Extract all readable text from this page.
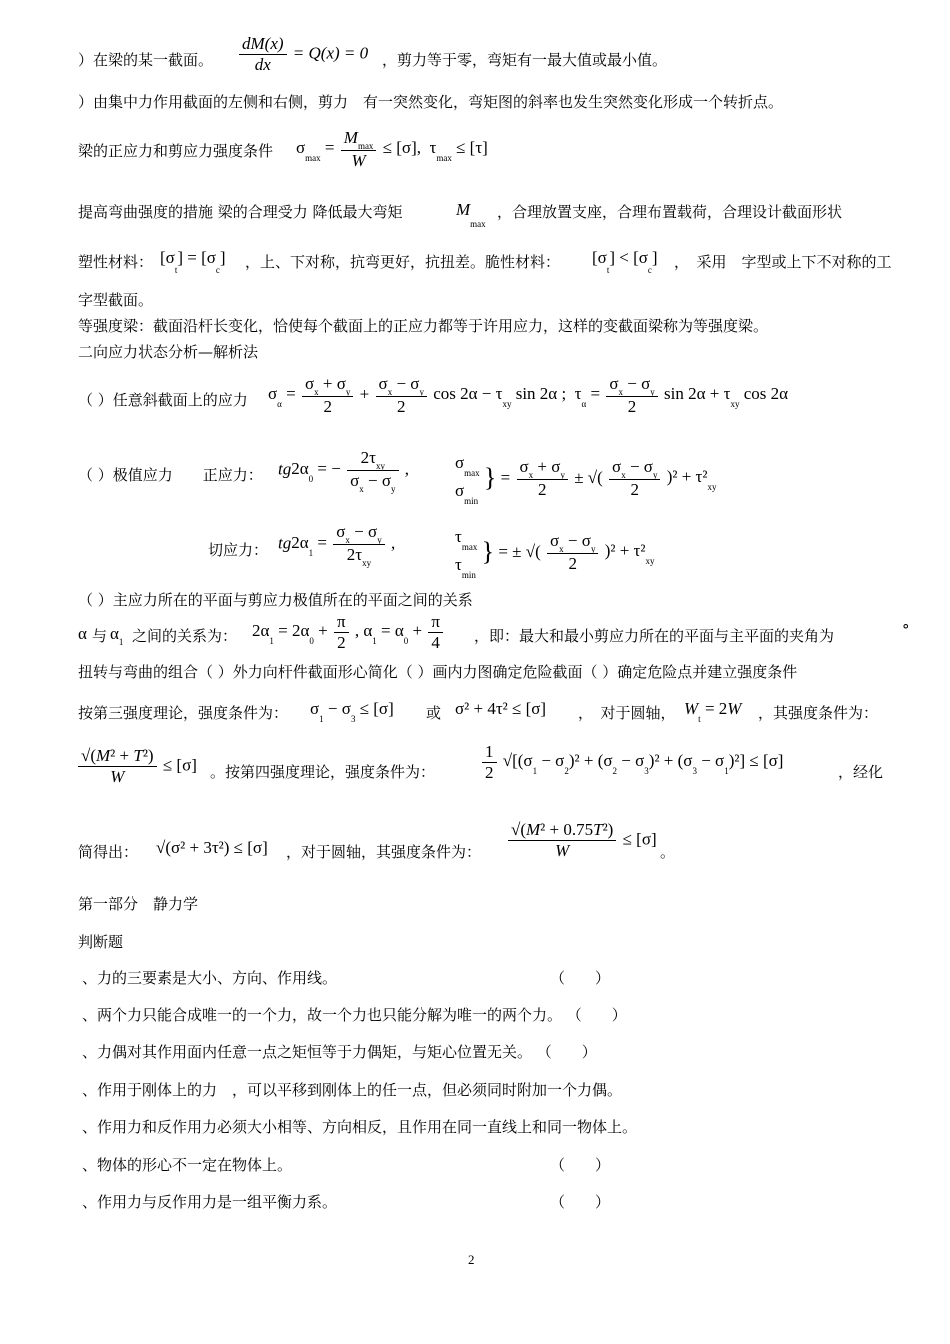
）在梁的某一截面。 $\frac{dM(x)}{dx} = Q(x) = 0$ ，剪力等于零，弯矩有一最大值或最小值。
）由集中力作用截面的左侧和右侧，剪力　有一突然变化，弯矩图的斜率也发生突然变化形成一个转折点。
梁的正应力和剪应力强度条件 $\sigma_{max} = \frac{M_{max}}{W} \le [\sigma]$,  $\tau_{max} \le [\tau]$
提高弯曲强度的措施 梁的合理受力 降低最大弯矩	$M_{max}$
，合理放置支座，合理布置载荷，合理设计截面形状
塑性材料： $[\sigma_t] = [\sigma_c]$ ，上、下对称，抗弯更好，抗扭差。脆性材料： $[\sigma_t] < [\sigma_c]$ ，　采用　字型或上下不对称的工
字型截面。
等强度梁：截面沿杆长变化，恰使每个截面上的正应力都等于许用应力，这样的变截面梁称为等强度梁。
二向应力状态分析—解析法
（ ）任意斜截面上的应力 $\sigma_\alpha = \frac{\sigma_x + \sigma_y}{2} + \frac{\sigma_x - \sigma_y}{2}$ $\cos 2\alpha - \tau_{xy}$ sin 2α ;  $\tau_\alpha = \frac{\sigma_x - \sigma_y}{2}$ $\sin 2\alpha + \tau_{xy}$ cos 2α
（ ）极值应力　　正应力： $tg2\alpha_0$ = − $\frac{2\tau_{xy}}{\sigma_x - \sigma_y}$ ,	$\sigma_{max}$
$\sigma_{min}$ } = $\frac{\sigma_x + \sigma_y}{2}$ ± √( $\frac{\sigma_x - \sigma_y}{2} )^2 + \tau^2_{xy}$
切应力： $tg2\alpha_1 = \frac{\sigma_x - \sigma_y}{2\tau_{xy}}$ ,	$\tau_{max}$
$\tau_{min}$ } = ± √( $\frac{\sigma_x - \sigma_y}{2} )^2 + \tau^2_{xy}$
（ ）主应力所在的平面与剪应力极值所在的平面之间的关系
α 与 $\alpha_1$ 之间的关系为： $2\alpha_1 = 2\alpha_0 + \frac{\pi}{2}$ , $\alpha_1 = \alpha_0 + \frac{\pi}{4}$ ，即：最大和最小剪应力所在的平面与主平面的夹角为	°
扭转与弯曲的组合（ ）外力向杆件截面形心简化（ ）画内力图确定危险截面（ ）确定危险点并建立强度条件
按第三强度理论，强度条件为： $\sigma_1 - \sigma_3 \le [\sigma]$ 或 σ² + 4τ² ≤ [σ] ，　对于圆轴， $W_t = 2W$ ，其强度条件为：
$\frac{\text{√(M² + T²)}}{W} \le [\sigma]$ 。按第四强度理论，强度条件为：	$\frac{1}{2} √[(\sigma_1 - \sigma_2)^2 + (\sigma_2 - \sigma_3)^2 + (\sigma_3 - \sigma_1)^2] \le [\sigma]$
，经化
简得出： √(σ² + 3τ²) ≤ [σ] ，对于圆轴，其强度条件为： $\frac{\text{√(M² + 0.75T²)}}{W} \le [\sigma]$
。
第一部分　静力学
判断题
、力的三要素是大小、方向、作用线。	（　　）
、两个力只能合成唯一的一个力，故一个力也只能分解为唯一的两个力。 （　　）
、力偶对其作用面内任意一点之矩恒等于力偶矩，与矩心位置无关。 （　　）
、作用于刚体上的力　，可以平移到刚体上的任一点，但必须同时附加一个力偶。
、作用力和反作用力必须大小相等、方向相反，且作用在同一直线上和同一物体上。
、物体的形心不一定在物体上。	（　　）
、作用力与反作用力是一组平衡力系。	（　　）
2
